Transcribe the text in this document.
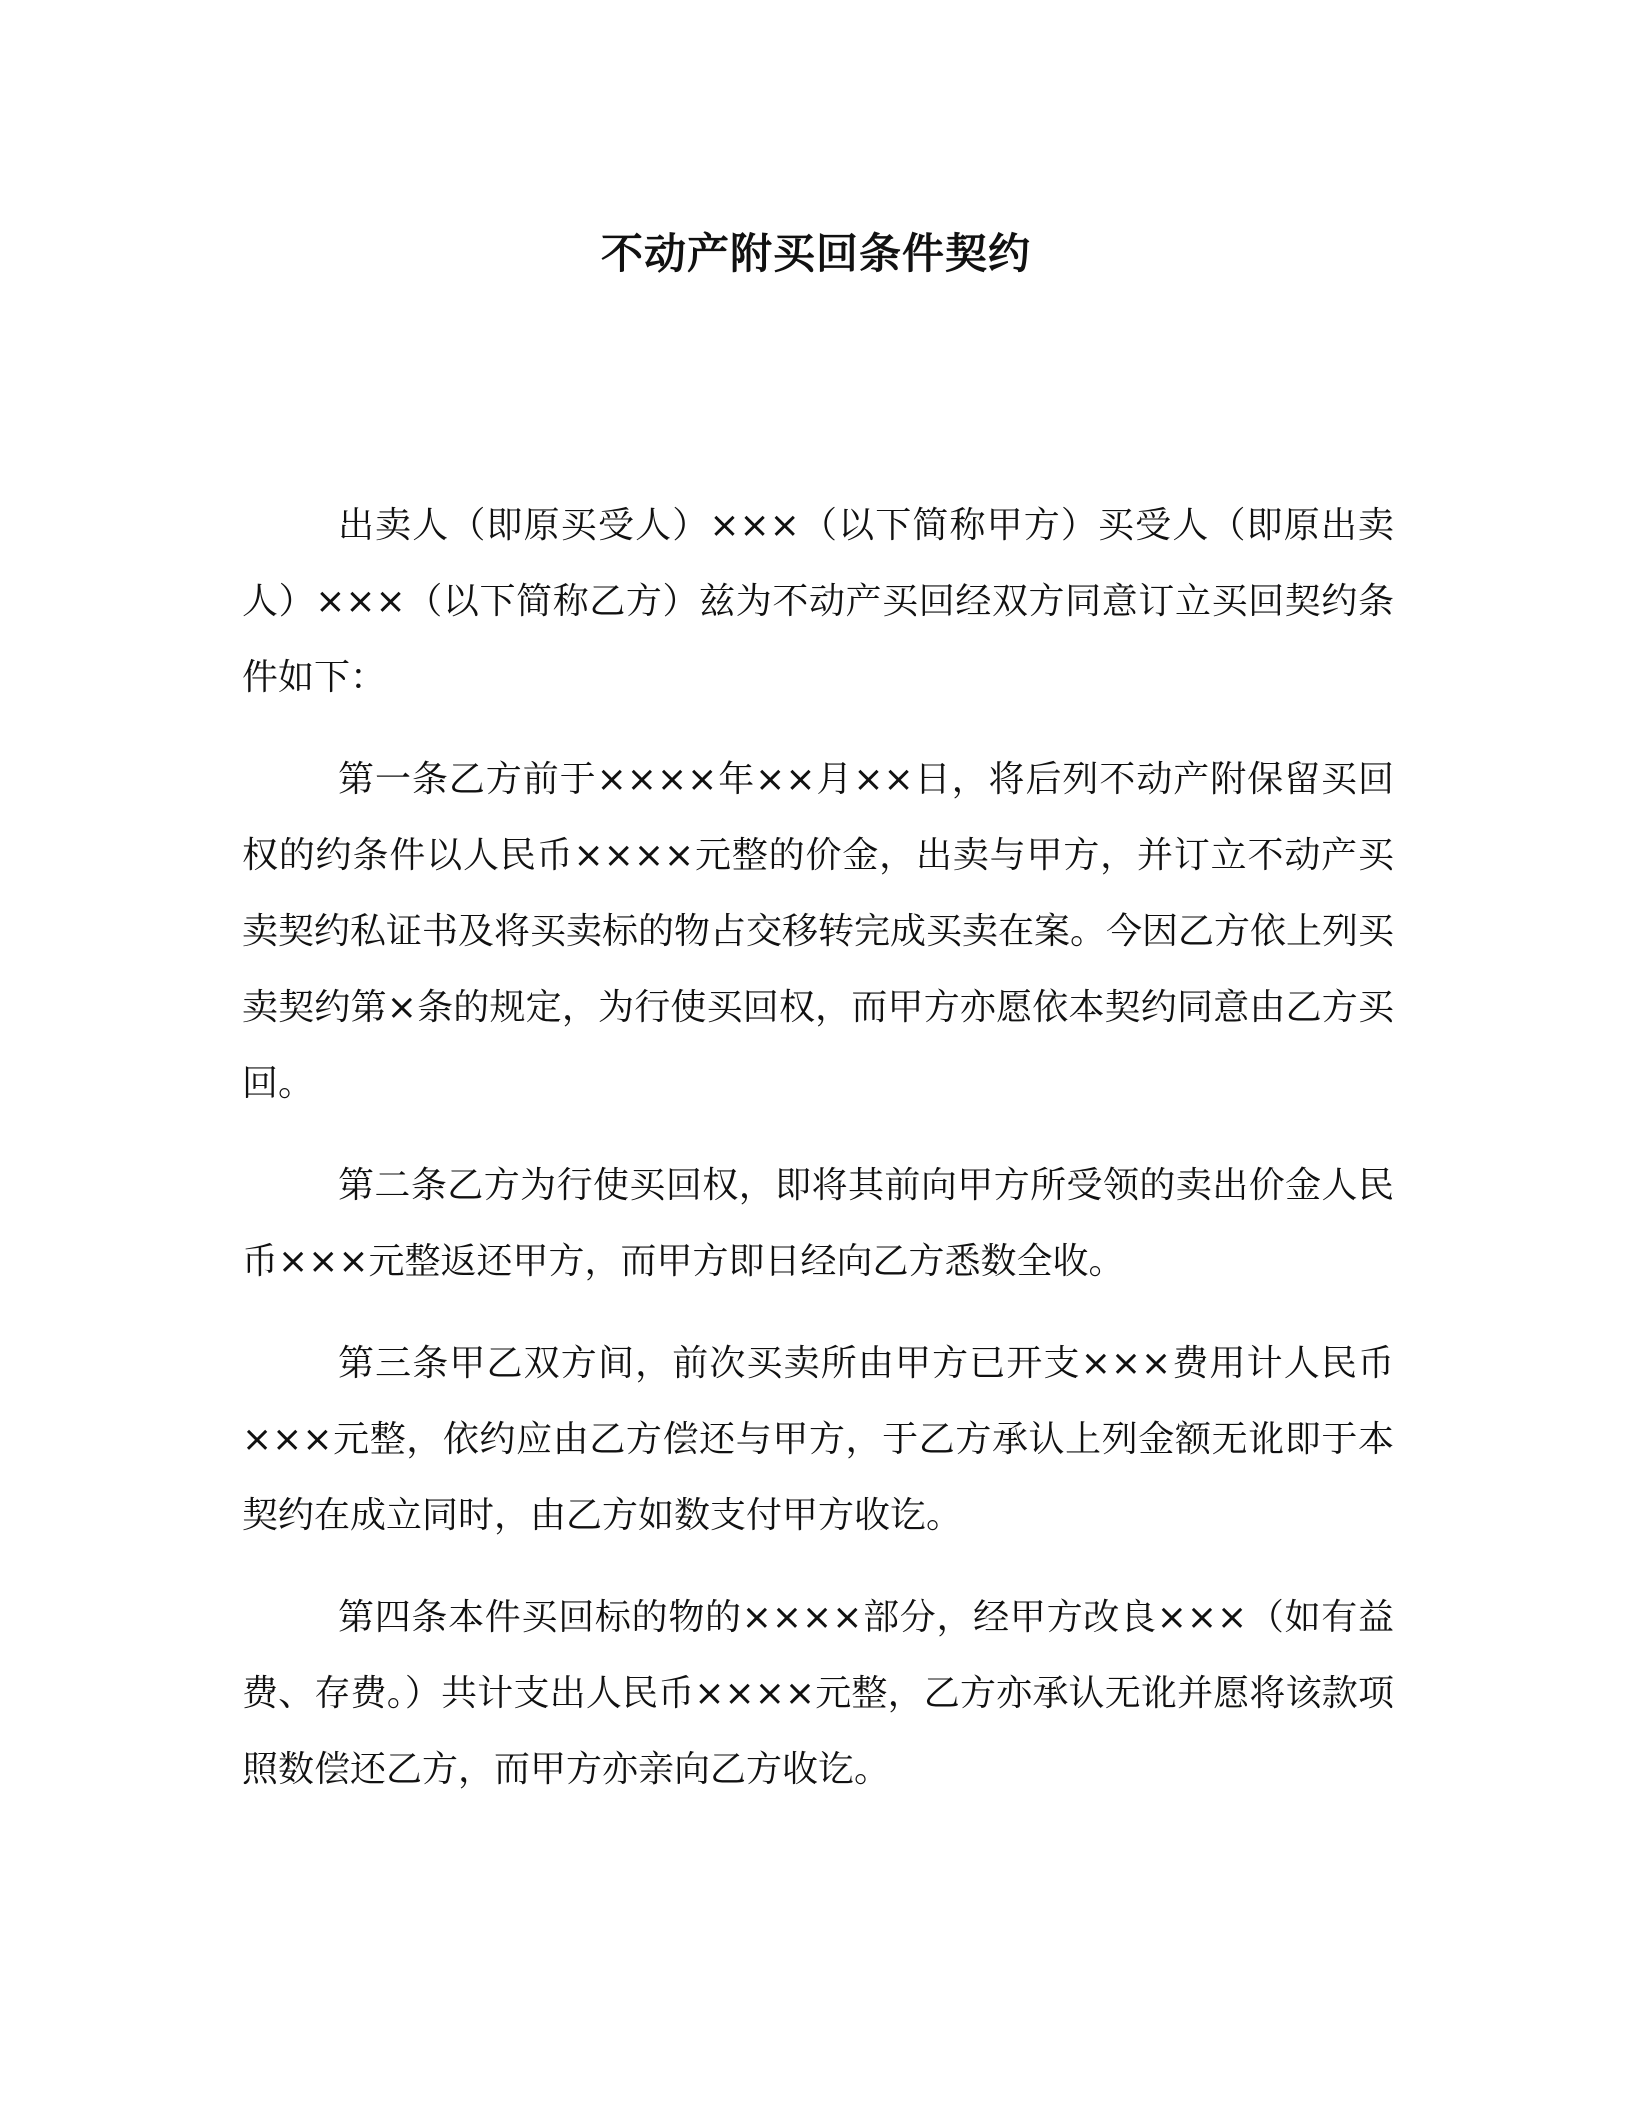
不动产附买回条件契约

出卖人（即原买受人）×××（以下简称甲方）买受人（即原出卖人）×××（以下简称乙方）兹为不动产买回经双方同意订立买回契约条件如下：

第一条乙方前于××××年××月××日，将后列不动产附保留买回权的约条件以人民币××××元整的价金，出卖与甲方，并订立不动产买卖契约私证书及将买卖标的物占交移转完成买卖在案。今因乙方依上列买卖契约第×条的规定，为行使买回权，而甲方亦愿依本契约同意由乙方买回。

第二条乙方为行使买回权，即将其前向甲方所受领的卖出价金人民币×××元整返还甲方，而甲方即日经向乙方悉数全收。

第三条甲乙双方间，前次买卖所由甲方已开支×××费用计人民币×××元整，依约应由乙方偿还与甲方，于乙方承认上列金额无讹即于本契约在成立同时，由乙方如数支付甲方收讫。

第四条本件买回标的物的××××部分，经甲方改良×××（如有益费、存费。）共计支出人民币××××元整，乙方亦承认无讹并愿将该款项照数偿还乙方，而甲方亦亲向乙方收讫。
